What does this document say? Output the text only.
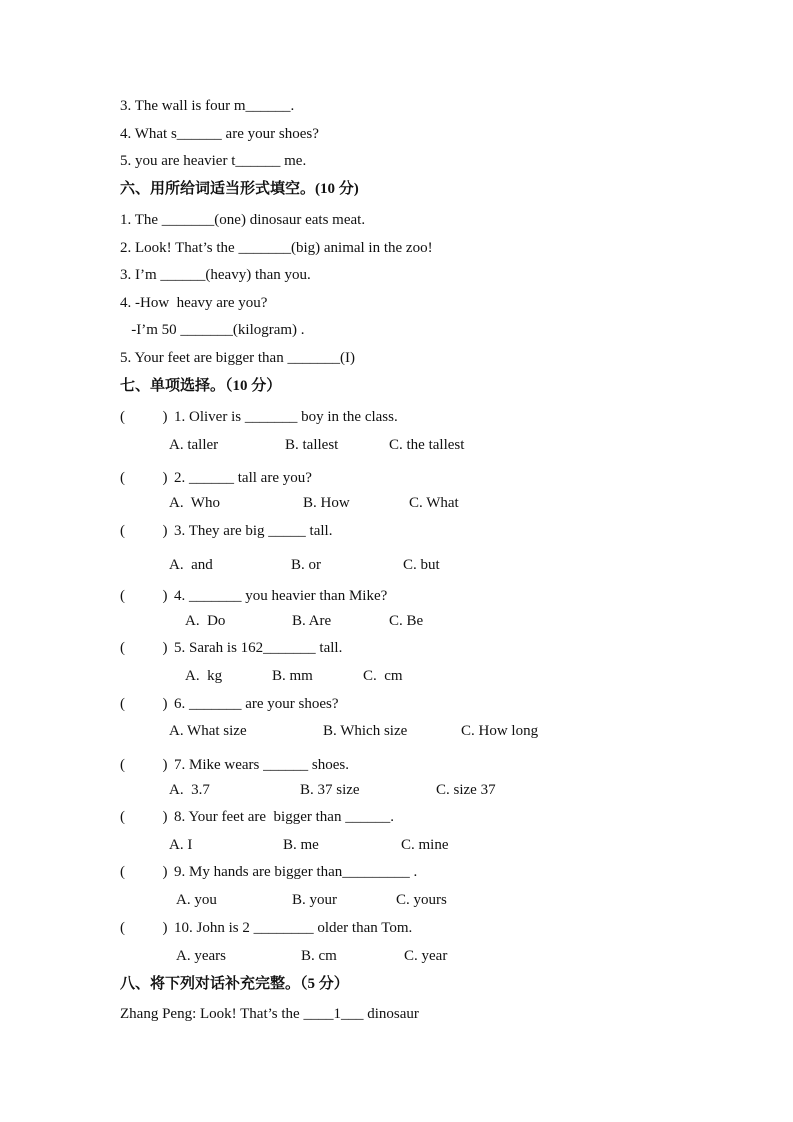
3. The wall is four m______.
4. What s______ are your shoes?
5. you are heavier t______ me.
六、用所给词适当形式填空。(10 分)
1. The _______(one) dinosaur eats meat.
2. Look! That’s the _______(big) animal in the zoo!
3. I’m ______(heavy) than you.
4. -How  heavy are you?
-I’m 50 _______(kilogram) .
5. Your feet are bigger than _______(I)
七、单项选择。（10 分）
(          ) 1. Oliver is _______ boy in the class.
A. taller	B. tallest	C. the tallest
(          ) 2. ______ tall are you?
A.  Who	B. How	C. What
(          ) 3. They are big _____ tall.
A.  and	B. or	C. but
(          ) 4. _______ you heavier than Mike?
A.  Do	B. Are	C. Be
(          ) 5. Sarah is 162_______ tall.
A.  kg	B. mm	C.  cm
(          ) 6. _______ are your shoes?
A. What size	B. Which size	C. How long
(          ) 7. Mike wears ______ shoes.
A.  3.7	B. 37 size	C. size 37
(          ) 8. Your feet are  bigger than ______.
A. I	B. me	C. mine
(          ) 9. My hands are bigger than_________ .
A. you	B. your	C. yours
(          ) 10. John is 2 ________ older than Tom.
A. years	B. cm	C. year
八、将下列对话补充完整。（5 分）
Zhang Peng: Look! That’s the ____1___ dinosaur
